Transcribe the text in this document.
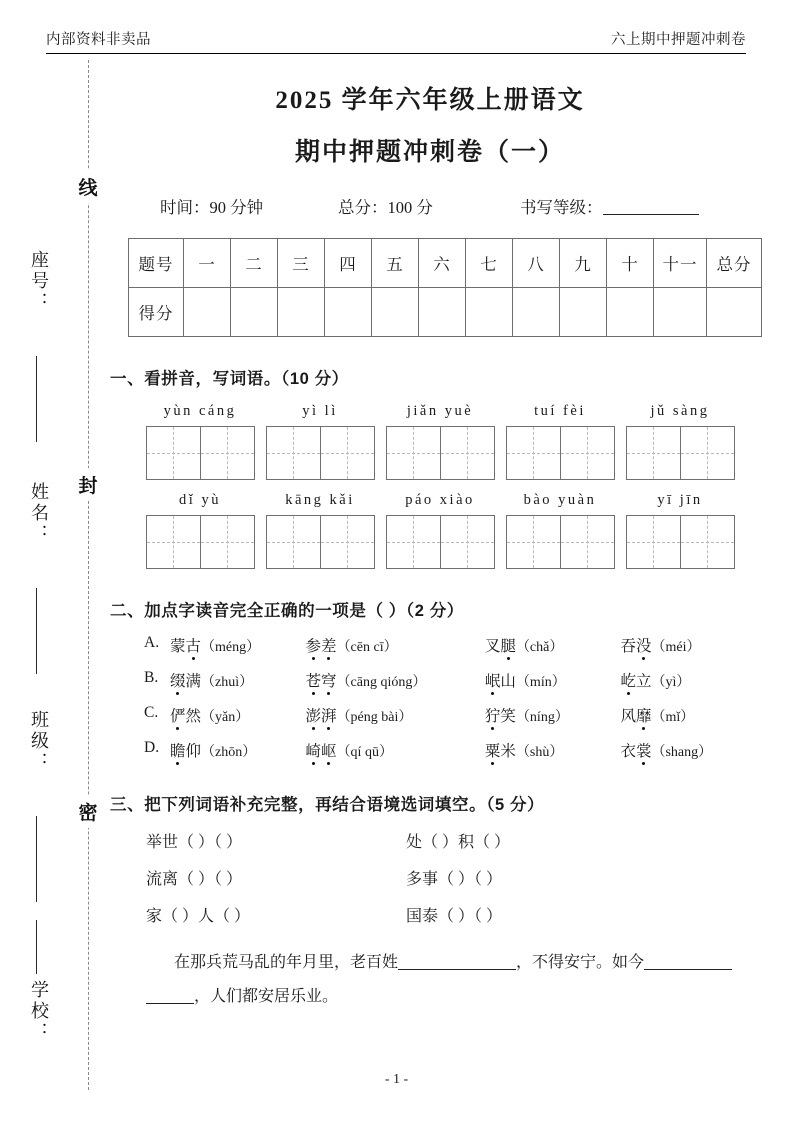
内部资料非卖品	六上期中押题冲刺卷
线
封
密
座号：
姓名：
班级：
学校：
2025 学年六年级上册语文
期中押题冲刺卷（一）
时间：90 分钟	总分：100 分	书写等级：
题号	一	二	三	四	五	六	七	八	九	十	十一	总分
得分												
一、看拼音，写词语。（10 分）
yùn cáng	yì lì	jiǎn yuè	tuí fèi	jǔ sàng
dǐ yù	kāng kǎi	páo xiào	bào yuàn	yī jīn
二、加点字读音完全正确的一项是（ ）（2 分）
A. 蒙古（méng）	参差（cēn cī）	叉腿（chǎ）	吞没（méi）
B. 缀满（zhuì）	苍穹（cāng qióng）	岷山（mín）	屹立（yì）
C. 俨然（yǎn）	澎湃（péng bài）	狞笑（níng）	风靡（mǐ）
D. 瞻仰（zhōn）	崎岖（qí qū）	粟米（shù）	衣裳（shang）
三、把下列词语补充完整，再结合语境选词填空。（5 分）
举世（ ）（ ）	处（ ）积（ ）
流离（ ）（ ）	多事（ ）（ ）
家（ ）人（ ）	国泰（ ）（ ）
在那兵荒马乱的年月里，老百姓	，不得安宁。如今，人们都安居乐业。
- 1 -
